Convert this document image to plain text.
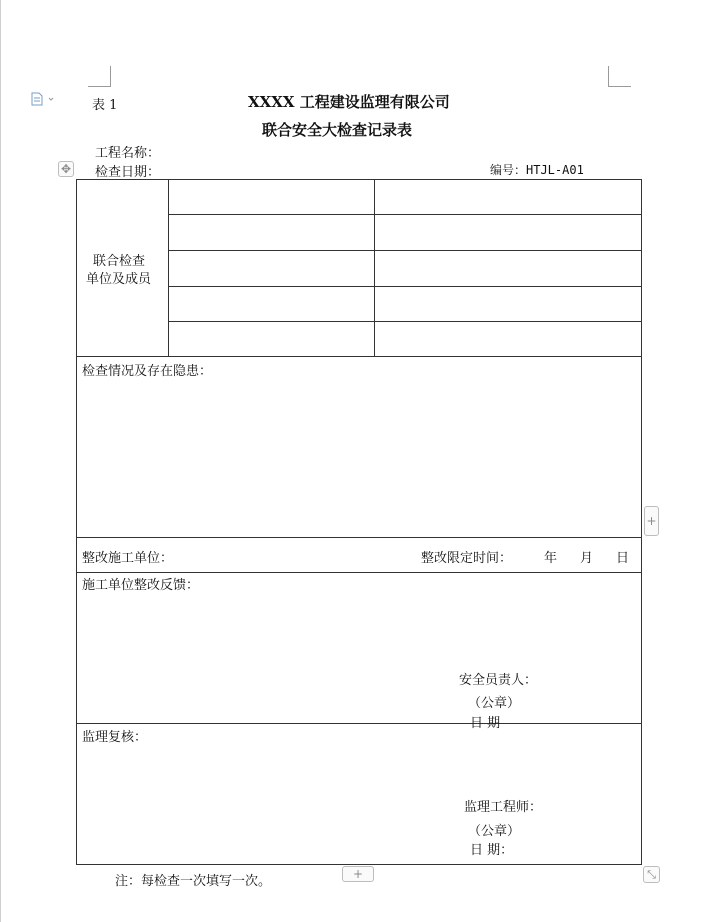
表 1	XXXX 工程建设监理有限公司
联合安全大检查记录表
工程名称：
✥ 检查日期：	编号：HTJL-A01
联合检查
单位及成员
检查情况及存在隐患：
整改施工单位：	整改限定时间： 年 月 日
施工单位整改反馈：
安全员责人：
（公章）
日 期
监理复核：
监理工程师：
（公章）
日 期：
+
注：每检查一次填写一次。	+	⤡
